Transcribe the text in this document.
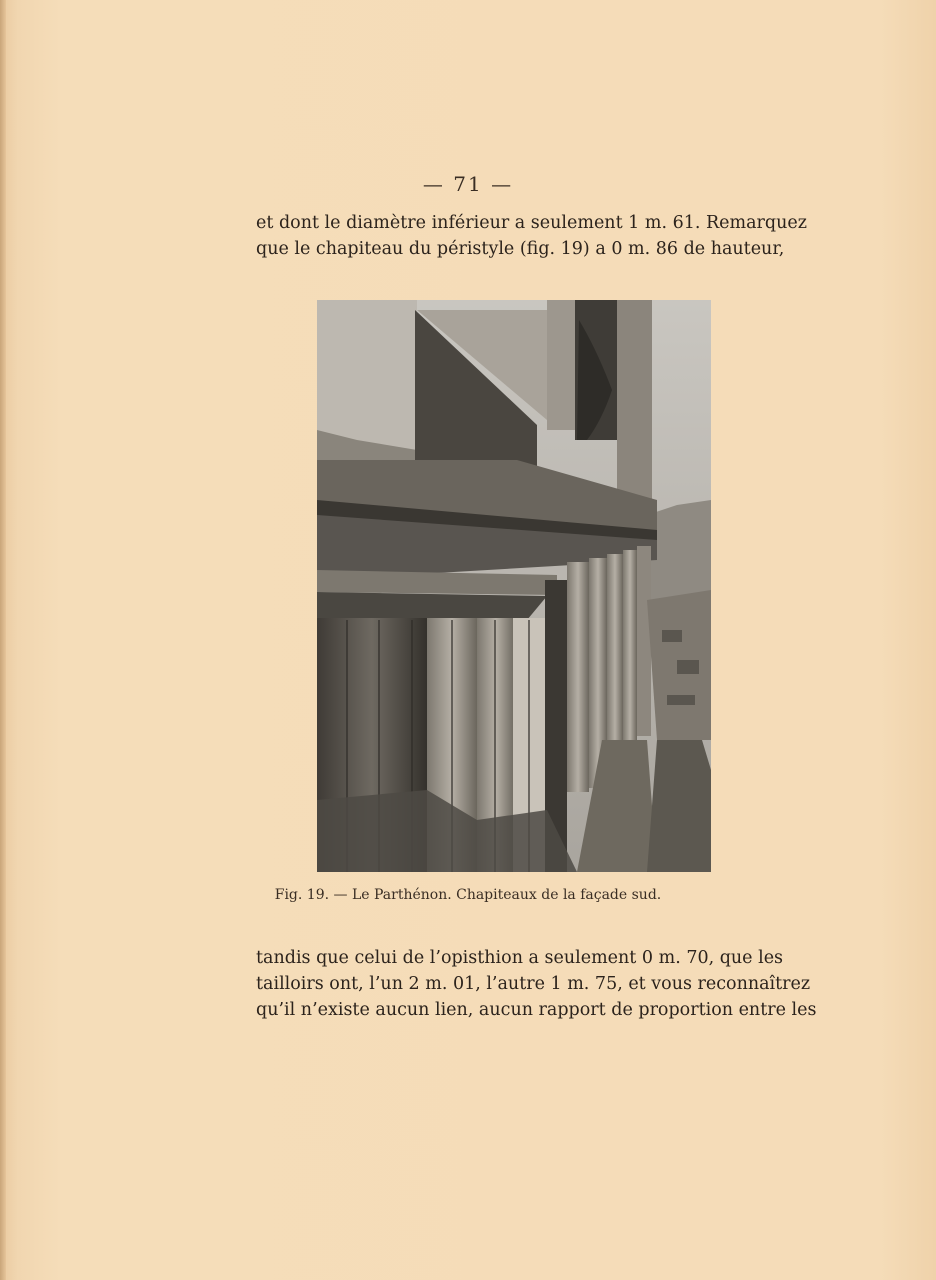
— 71 —
et dont le diamètre inférieur a seulement 1 m. 61. Remarquez
que le chapiteau du péristyle (fig. 19) a 0 m. 86 de hauteur,
Fig. 19. — Le Parthénon. Chapiteaux de la façade sud.
tandis que celui de l’opisthion a seulement 0 m. 70, que les
tailloirs ont, l’un 2 m. 01, l’autre 1 m. 75, et vous reconnaîtrez
qu’il n’existe aucun lien, aucun rapport de proportion entre les
